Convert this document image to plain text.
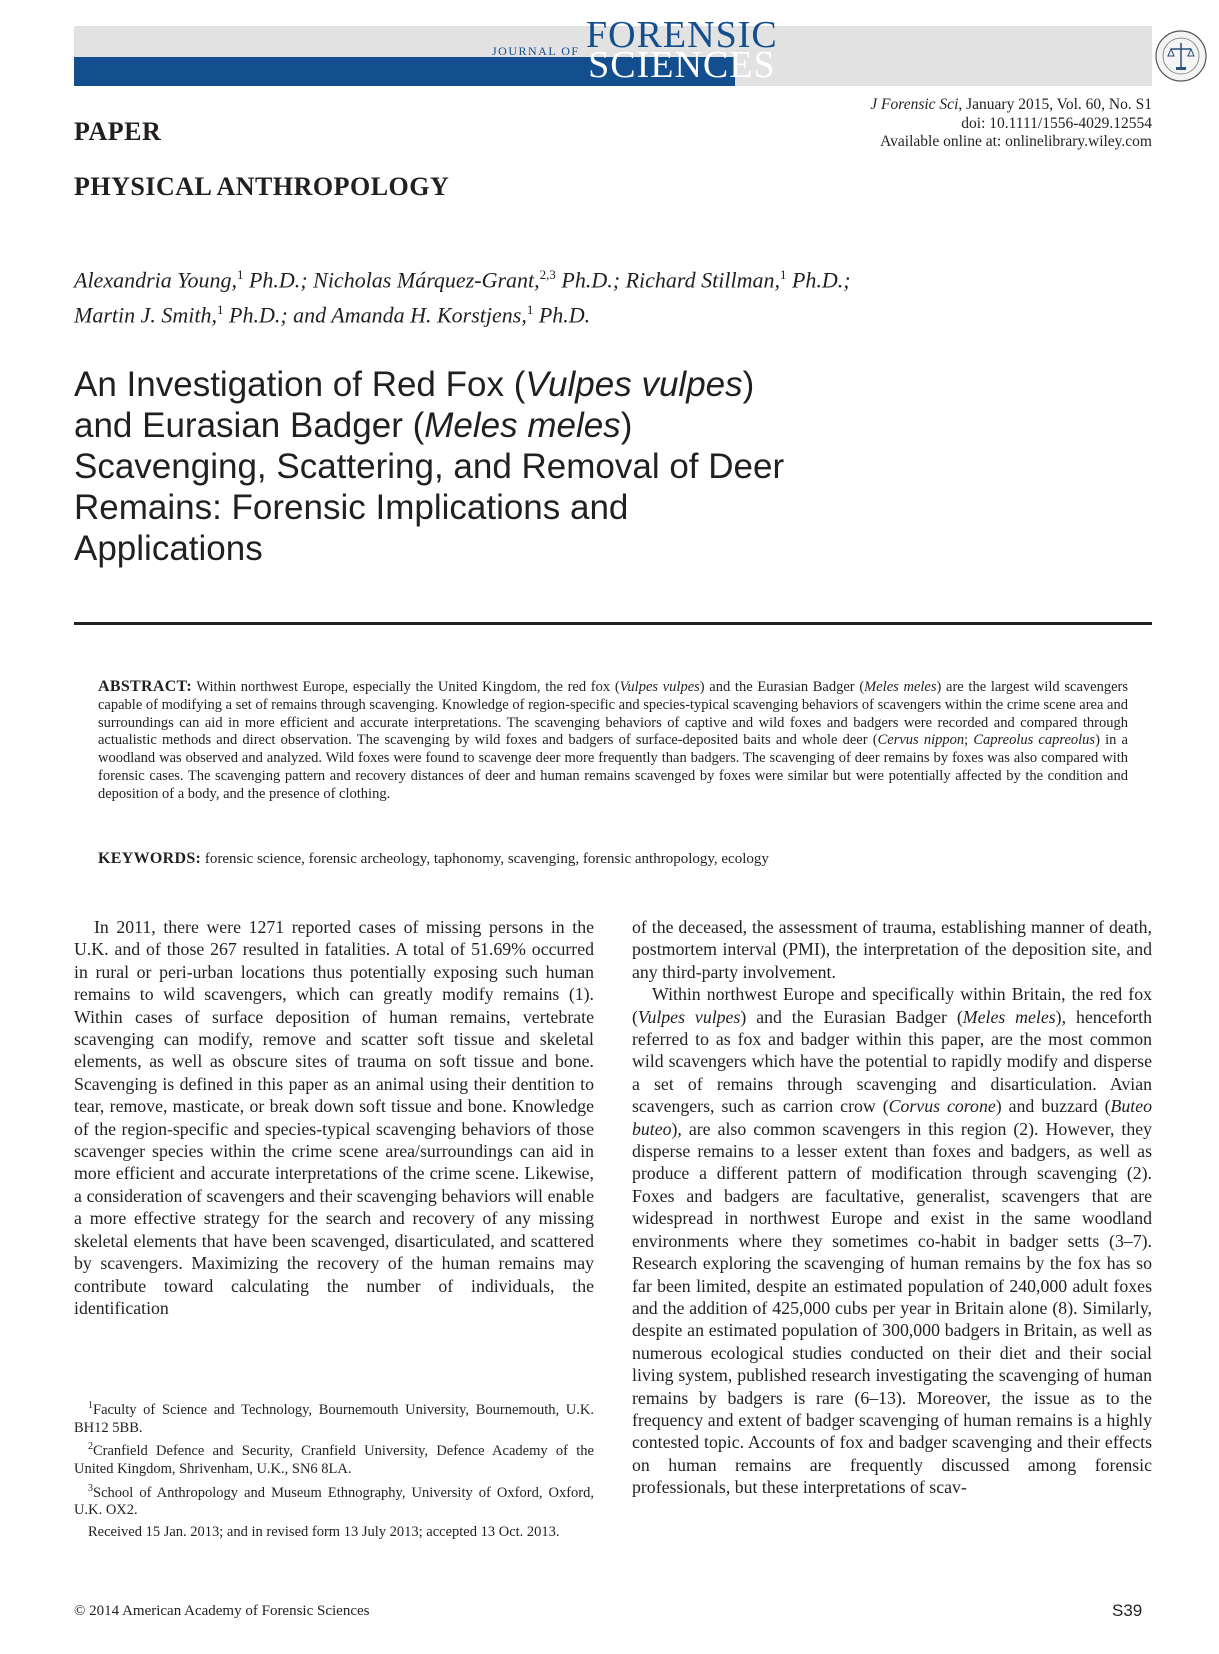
JOURNAL OF FORENSIC
SCIENCES
J Forensic Sci, January 2015, Vol. 60, No. S1
doi: 10.1111/1556-4029.12554
Available online at: onlinelibrary.wiley.com
PAPER
PHYSICAL ANTHROPOLOGY
Alexandria Young,$^1$ Ph.D.; Nicholas Márquez-Grant,$^{2,3}$ Ph.D.; Richard Stillman,$^1$ Ph.D.;
Martin J. Smith,$^1$ Ph.D.; and Amanda H. Korstjens,$^1$ Ph.D.
An Investigation of Red Fox (Vulpes vulpes)
and Eurasian Badger (Meles meles)
Scavenging, Scattering, and Removal of Deer
Remains: Forensic Implications and
Applications
ABSTRACT: Within northwest Europe, especially the United Kingdom, the red fox (Vulpes vulpes) and the Eurasian Badger (Meles meles) are the largest wild scavengers capable of modifying a set of remains through scavenging. Knowledge of region-specific and species-typical scavenging behaviors of scavengers within the crime scene area and surroundings can aid in more efficient and accurate interpretations. The scavenging behaviors of captive and wild foxes and badgers were recorded and compared through actualistic methods and direct observation. The scavenging by wild foxes and badgers of surface-deposited baits and whole deer (Cervus nippon; Capreolus capreolus) in a woodland was observed and analyzed. Wild foxes were found to scavenge deer more frequently than badgers. The scavenging of deer remains by foxes was also compared with forensic cases. The scavenging pattern and recovery distances of deer and human remains scavenged by foxes were similar but were potentially affected by the condition and deposition of a body, and the presence of clothing.
KEYWORDS: forensic science, forensic archeology, taphonomy, scavenging, forensic anthropology, ecology

In 2011, there were 1271 reported cases of missing persons in the U.K. and of those 267 resulted in fatalities. A total of 51.69% occurred in rural or peri-urban locations thus potentially exposing such human remains to wild scavengers, which can greatly modify remains (1). Within cases of surface deposition of human remains, vertebrate scavenging can modify, remove and scatter soft tissue and skeletal elements, as well as obscure sites of trauma on soft tissue and bone. Scavenging is defined in this paper as an animal using their dentition to tear, remove, masticate, or break down soft tissue and bone. Knowledge of the region-specific and species-typical scavenging behaviors of those scavenger species within the crime scene area/surroundings can aid in more efficient and accurate interpretations of the crime scene. Likewise, a consideration of scavengers and their scavenging behaviors will enable a more effective strategy for the search and recovery of any missing skeletal elements that have been scavenged, disarticulated, and scattered by scavengers. Maximizing the recovery of the human remains may contribute toward calculating the number of individuals, the identification

of the deceased, the assessment of trauma, establishing manner of death, postmortem interval (PMI), the interpretation of the deposition site, and any third-party involvement.

Within northwest Europe and specifically within Britain, the red fox (Vulpes vulpes) and the Eurasian Badger (Meles meles), henceforth referred to as fox and badger within this paper, are the most common wild scavengers which have the potential to rapidly modify and disperse a set of remains through scavenging and disarticulation. Avian scavengers, such as carrion crow (Corvus corone) and buzzard (Buteo buteo), are also common scavengers in this region (2). However, they disperse remains to a lesser extent than foxes and badgers, as well as produce a different pattern of modification through scavenging (2). Foxes and badgers are facultative, generalist, scavengers that are widespread in northwest Europe and exist in the same woodland environments where they sometimes co-habit in badger setts (3–7). Research exploring the scavenging of human remains by the fox has so far been limited, despite an estimated population of 240,000 adult foxes and the addition of 425,000 cubs per year in Britain alone (8). Similarly, despite an estimated population of 300,000 badgers in Britain, as well as numerous ecological studies conducted on their diet and their social living system, published research investigating the scavenging of human remains by badgers is rare (6–13). Moreover, the issue as to the frequency and extent of badger scavenging of human remains is a highly contested topic. Accounts of fox and badger scavenging and their effects on human remains are frequently discussed among forensic professionals, but these interpretations of scav-

$^1$Faculty of Science and Technology, Bournemouth University, Bournemouth, U.K. BH12 5BB.

$^2$Cranfield Defence and Security, Cranfield University, Defence Academy of the United Kingdom, Shrivenham, U.K., SN6 8LA.

$^3$School of Anthropology and Museum Ethnography, University of Oxford, Oxford, U.K. OX2.

Received 15 Jan. 2013; and in revised form 13 July 2013; accepted 13 Oct. 2013.

© 2014 American Academy of Forensic Sciences	S39
